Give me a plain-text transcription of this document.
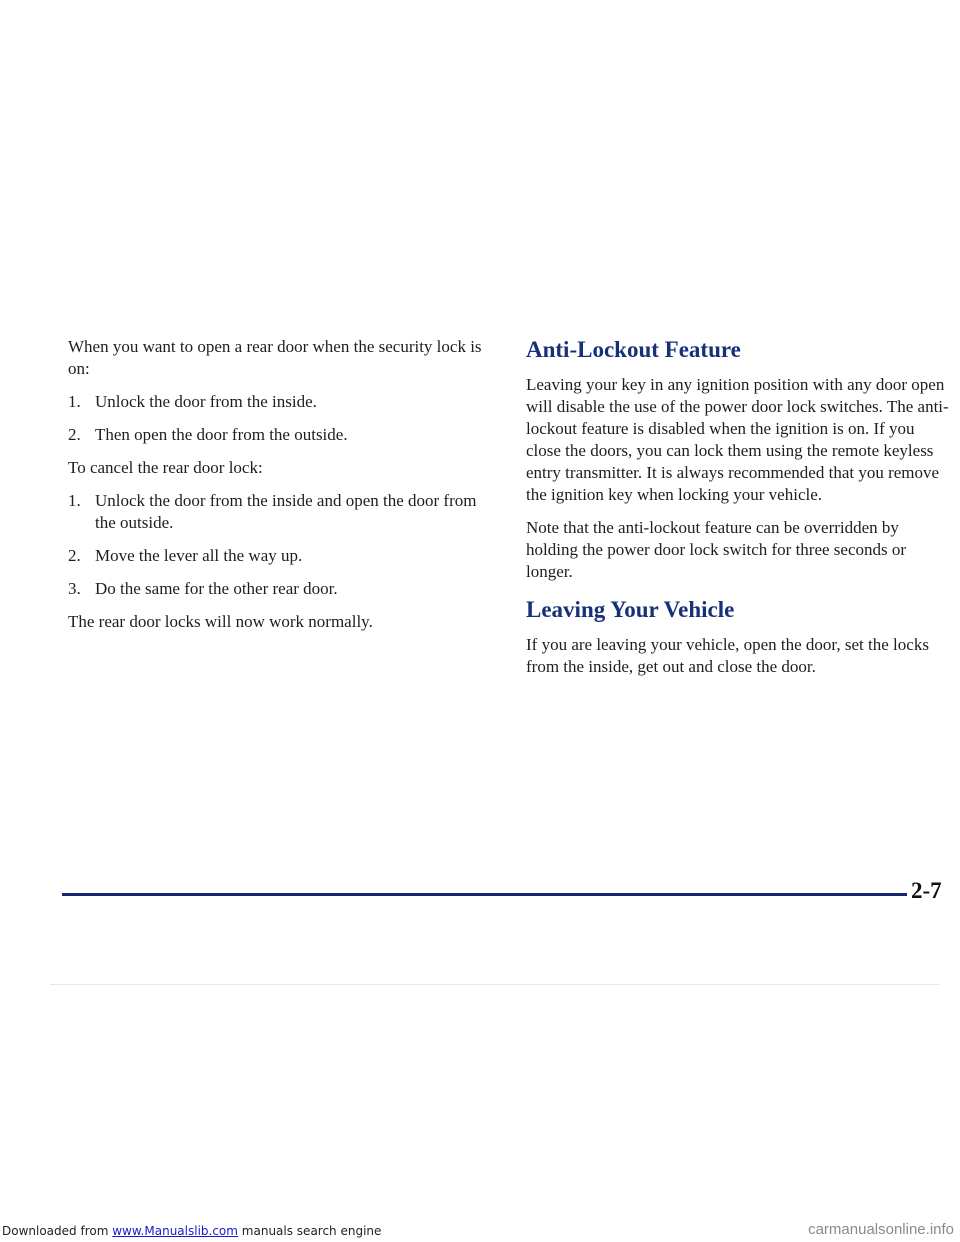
When you want to open a rear door when the security lock is on:

1. Unlock the door from the inside.
2. Then open the door from the outside.

To cancel the rear door lock:

1. Unlock the door from the inside and open the door from the outside.
2. Move the lever all the way up.
3. Do the same for the other rear door.

The rear door locks will now work normally.

Anti-Lockout Feature

Leaving your key in any ignition position with any door open will disable the use of the power door lock switches. The anti-lockout feature is disabled when the ignition is on. If you close the doors, you can lock them using the remote keyless entry transmitter. It is always recommended that you remove the ignition key when locking your vehicle.

Note that the anti-lockout feature can be overridden by holding the power door lock switch for three seconds or longer.

Leaving Your Vehicle

If you are leaving your vehicle, open the door, set the locks from the inside, get out and close the door.

2-7
Downloaded from www.Manualslib.com manuals search engine	carmanualsonline.info
